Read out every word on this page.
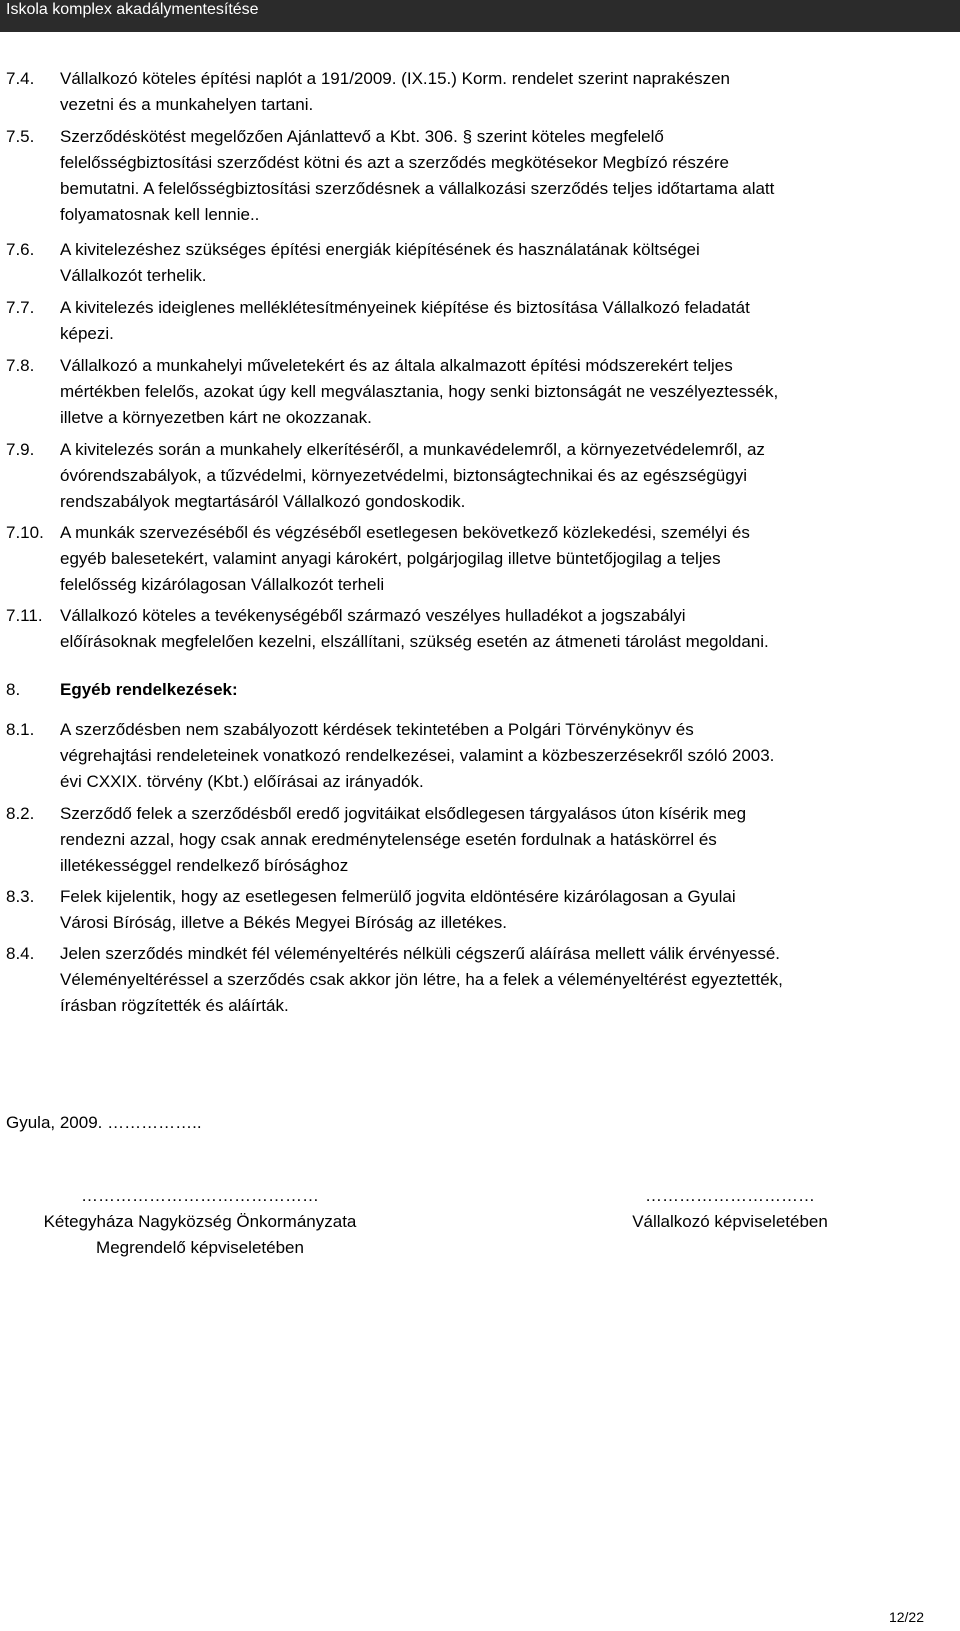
Iskola komplex akadálymentesítése
7.4. Vállalkozó köteles építési naplót a 191/2009. (IX.15.) Korm. rendelet szerint naprakészen
vezetni és a munkahelyen tartani.
7.5. Szerződéskötést megelőzően Ajánlattevő a Kbt. 306. § szerint köteles megfelelő
felelősségbiztosítási szerződést kötni és azt a szerződés megkötésekor Megbízó részére
bemutatni. A felelősségbiztosítási szerződésnek a vállalkozási szerződés teljes időtartama alatt
folyamatosnak kell lennie..
7.6. A kivitelezéshez szükséges építési energiák kiépítésének és használatának költségei
Vállalkozót terhelik.
7.7. A kivitelezés ideiglenes melléklétesítményeinek kiépítése és biztosítása Vállalkozó feladatát
képezi.
7.8. Vállalkozó a munkahelyi műveletekért és az általa alkalmazott építési módszerekért teljes
mértékben felelős, azokat úgy kell megválasztania, hogy senki biztonságát ne veszélyeztessék,
illetve a környezetben kárt ne okozzanak.
7.9. A kivitelezés során a munkahely elkerítéséről, a munkavédelemről, a környezetvédelemről, az
óvórendszabályok, a tűzvédelmi, környezetvédelmi, biztonságtechnikai és az egészségügyi
rendszabályok megtartásáról Vállalkozó gondoskodik.
7.10. A munkák szervezéséből és végzéséből esetlegesen bekövetkező közlekedési, személyi és
egyéb balesetekért, valamint anyagi károkért, polgárjogilag illetve büntetőjogilag a teljes
felelősség kizárólagosan Vállalkozót terheli
7.11. Vállalkozó köteles a tevékenységéből származó veszélyes hulladékot a jogszabályi
előírásoknak megfelelően kezelni, elszállítani, szükség esetén az átmeneti tárolást megoldani.
8. Egyéb rendelkezések:
8.1. A szerződésben nem szabályozott kérdések tekintetében a Polgári Törvénykönyv és
végrehajtási rendeleteinek vonatkozó rendelkezései, valamint a közbeszerzésekről szóló 2003.
évi CXXIX. törvény (Kbt.) előírásai az irányadók.
8.2. Szerződő felek a szerződésből eredő jogvitáikat elsődlegesen tárgyalásos úton kísérik meg
rendezni azzal, hogy csak annak eredménytelensége esetén fordulnak a hatáskörrel és
illetékességgel rendelkező bírósághoz
8.3. Felek kijelentik, hogy az esetlegesen felmerülő jogvita eldöntésére kizárólagosan a Gyulai
Városi Bíróság, illetve a Békés Megyei Bíróság az illetékes.
8.4. Jelen szerződés mindkét fél véleményeltérés nélküli cégszerű aláírása mellett válik érvényessé.
Véleményeltéréssel a szerződés csak akkor jön létre, ha a felek a véleményeltérést egyeztették,
írásban rögzítették és aláírták.
Gyula, 2009. ……………..
……………………………………
Kétegyháza Nagyközség Önkormányzata
Megrendelő képviseletében
…………………………
Vállalkozó képviseletében
12/22
